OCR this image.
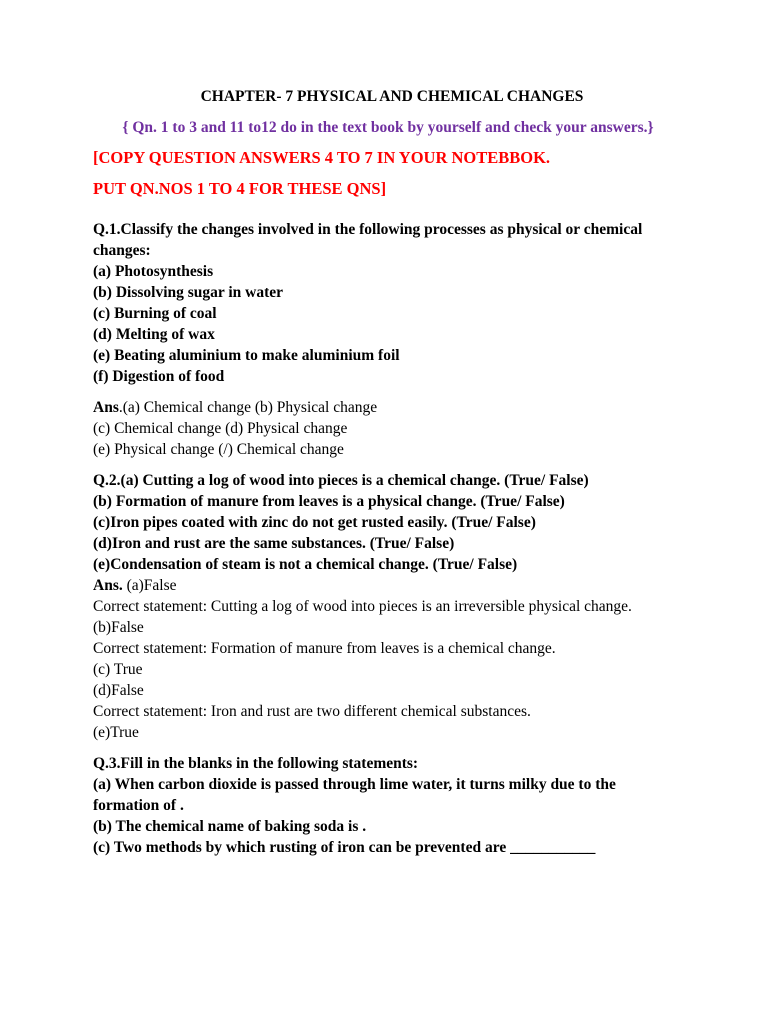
CHAPTER- 7 PHYSICAL AND CHEMICAL CHANGES
{ Qn. 1 to 3 and 11 to12 do in the text book by yourself and check your answers.}
[COPY QUESTION ANSWERS 4 TO 7 IN YOUR NOTEBBOK.
PUT QN.NOS 1 TO 4 FOR THESE QNS]
Q.1.Classify the changes involved in the following processes as physical or chemical changes:
(a) Photosynthesis
(b) Dissolving sugar in water
(c) Burning of coal
(d) Melting of wax
(e) Beating aluminium to make aluminium foil
(f) Digestion of food
Ans.(a) Chemical change (b) Physical change
(c) Chemical change (d) Physical change
(e) Physical change (/) Chemical change
Q.2.(a) Cutting a log of wood into pieces is a chemical change. (True/ False)
(b) Formation of manure from leaves is a physical change. (True/ False)
(c)Iron pipes coated with zinc do not get rusted easily. (True/ False)
(d)Iron and rust are the same substances. (True/ False)
(e)Condensation of steam is not a chemical change. (True/ False)
Ans. (a)False
Correct statement: Cutting a log of wood into pieces is an irreversible physical change.
(b)False
Correct statement: Formation of manure from leaves is a chemical change.
(c) True
(d)False
Correct statement: Iron and rust are two different chemical substances.
(e)True
Q.3.Fill in the blanks in the following statements:
(a) When carbon dioxide is passed through lime water, it turns milky due to the formation of .
(b) The chemical name of baking soda is .
(c) Two methods by which rusting of iron can be prevented are ___________
